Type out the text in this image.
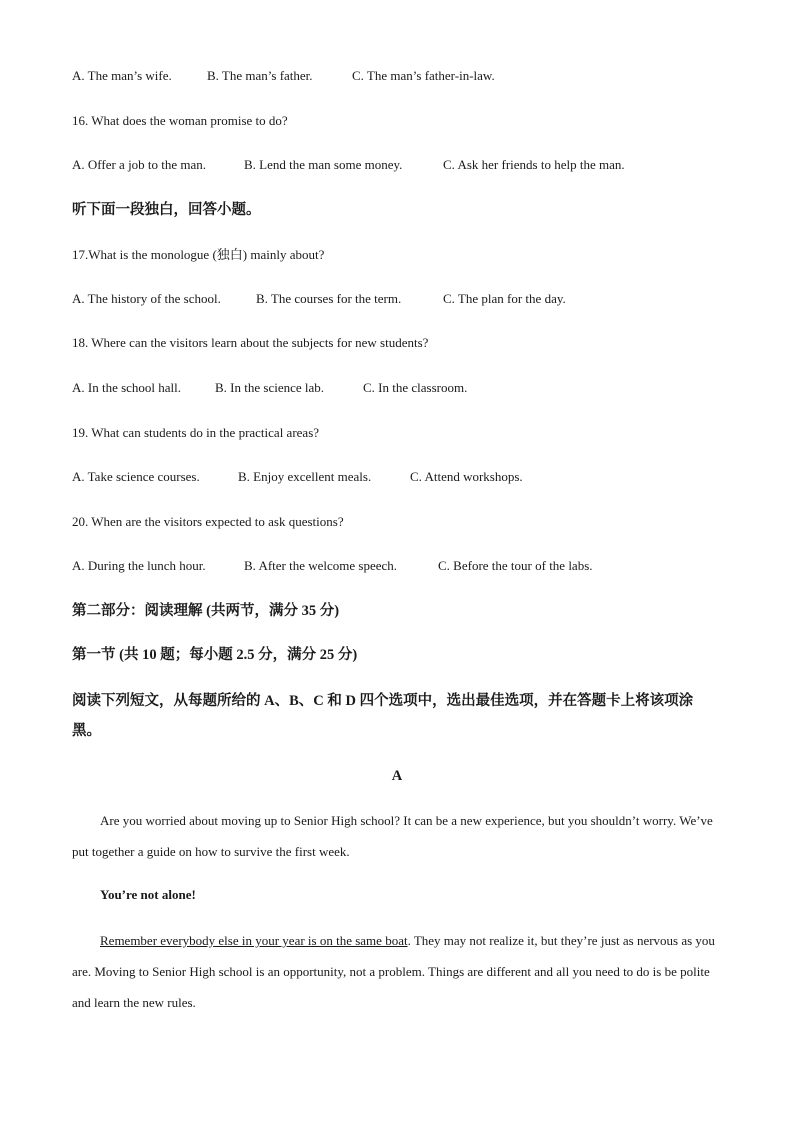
A. The man’s wife.	B. The man’s father.	C. The man’s father-in-law.
16. What does the woman promise to do?
A. Offer a job to the man.	B. Lend the man some money.	C. Ask her friends to help the man.
听下面一段独白，回答小题。
17.What is the monologue (独白) mainly about?
A. The history of the school.	B. The courses for the term.	C. The plan for the day.
18. Where can the visitors learn about the subjects for new students?
A. In the school hall.	B. In the science lab.	C. In the classroom.
19. What can students do in the practical areas?
A. Take science courses.	B. Enjoy excellent meals.	C. Attend workshops.
20. When are the visitors expected to ask questions?
A. During the lunch hour.	B. After the welcome speech.	C. Before the tour of the labs.
第二部分：阅读理解 (共两节，满分 35 分)
第一节 (共 10 题；每小题 2.5 分，满分 25 分)
阅读下列短文，从每题所给的 A、B、C 和 D 四个选项中，选出最佳选项，并在答题卡上将该项涂黑。
A
Are you worried about moving up to Senior High school? It can be a new experience, but you shouldn’t worry. We’ve put together a guide on how to survive the first week.
You’re not alone!
Remember everybody else in your year is on the same boat. They may not realize it, but they’re just as nervous as you are. Moving to Senior High school is an opportunity, not a problem. Things are different and all you need to do is be polite and learn the new rules.
